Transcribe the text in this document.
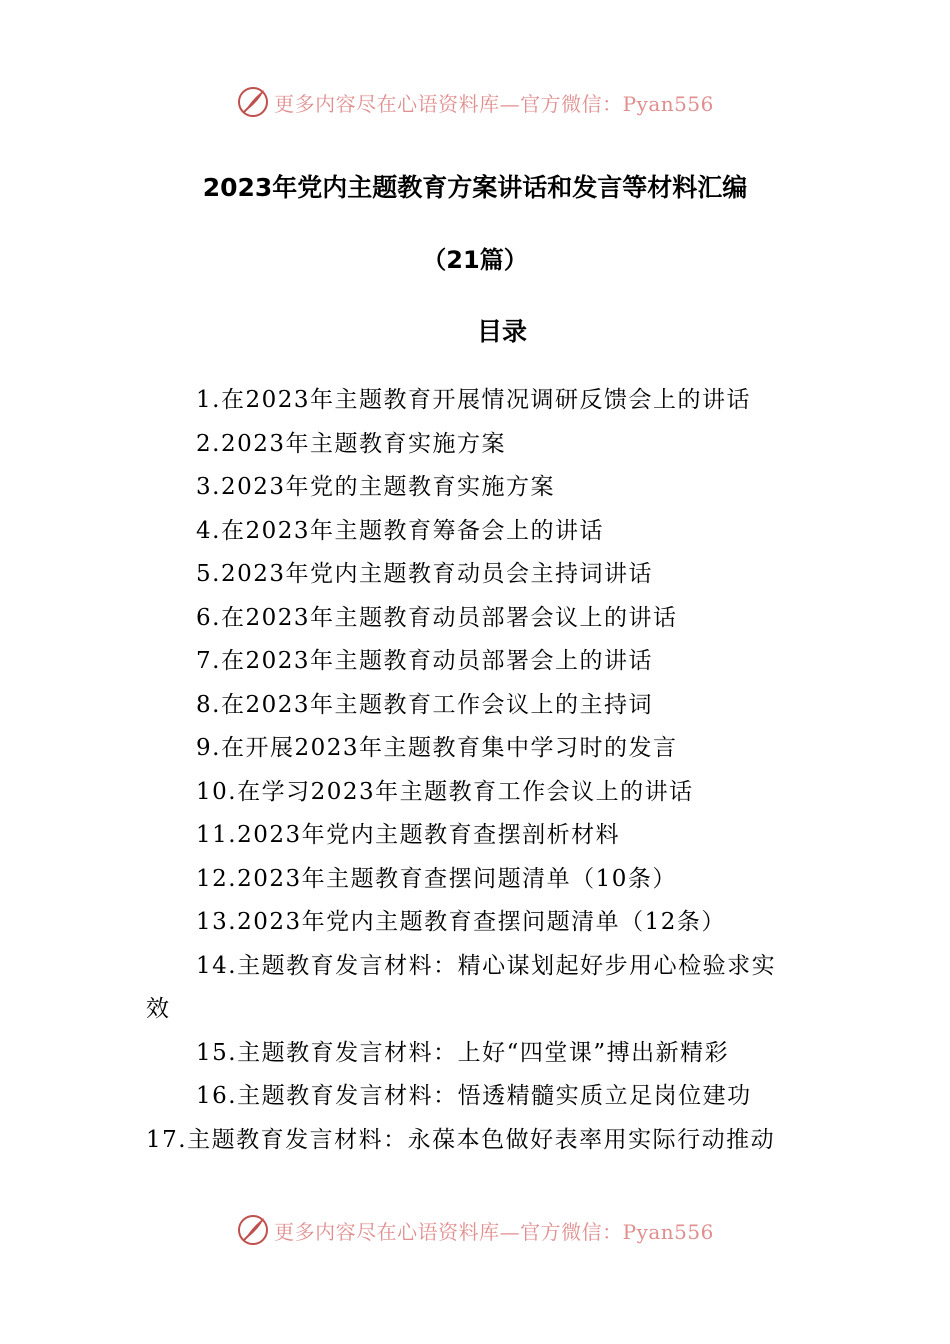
更多内容尽在心语资料库—官方微信：Pyan556
2023年党内主题教育方案讲话和发言等材料汇编
（21篇）
目录
1.在2023年主题教育开展情况调研反馈会上的讲话
2.2023年主题教育实施方案
3.2023年党的主题教育实施方案
4.在2023年主题教育筹备会上的讲话
5.2023年党内主题教育动员会主持词讲话
6.在2023年主题教育动员部署会议上的讲话
7.在2023年主题教育动员部署会上的讲话
8.在2023年主题教育工作会议上的主持词
9.在开展2023年主题教育集中学习时的发言
10.在学习2023年主题教育工作会议上的讲话
11.2023年党内主题教育查摆剖析材料
12.2023年主题教育查摆问题清单（10条）
13.2023年党内主题教育查摆问题清单（12条）
14.主题教育发言材料：精心谋划起好步用心检验求实
效
15.主题教育发言材料：上好“四堂课”搏出新精彩
16.主题教育发言材料：悟透精髓实质立足岗位建功
17.主题教育发言材料：永葆本色做好表率用实际行动推动
更多内容尽在心语资料库—官方微信：Pyan556
